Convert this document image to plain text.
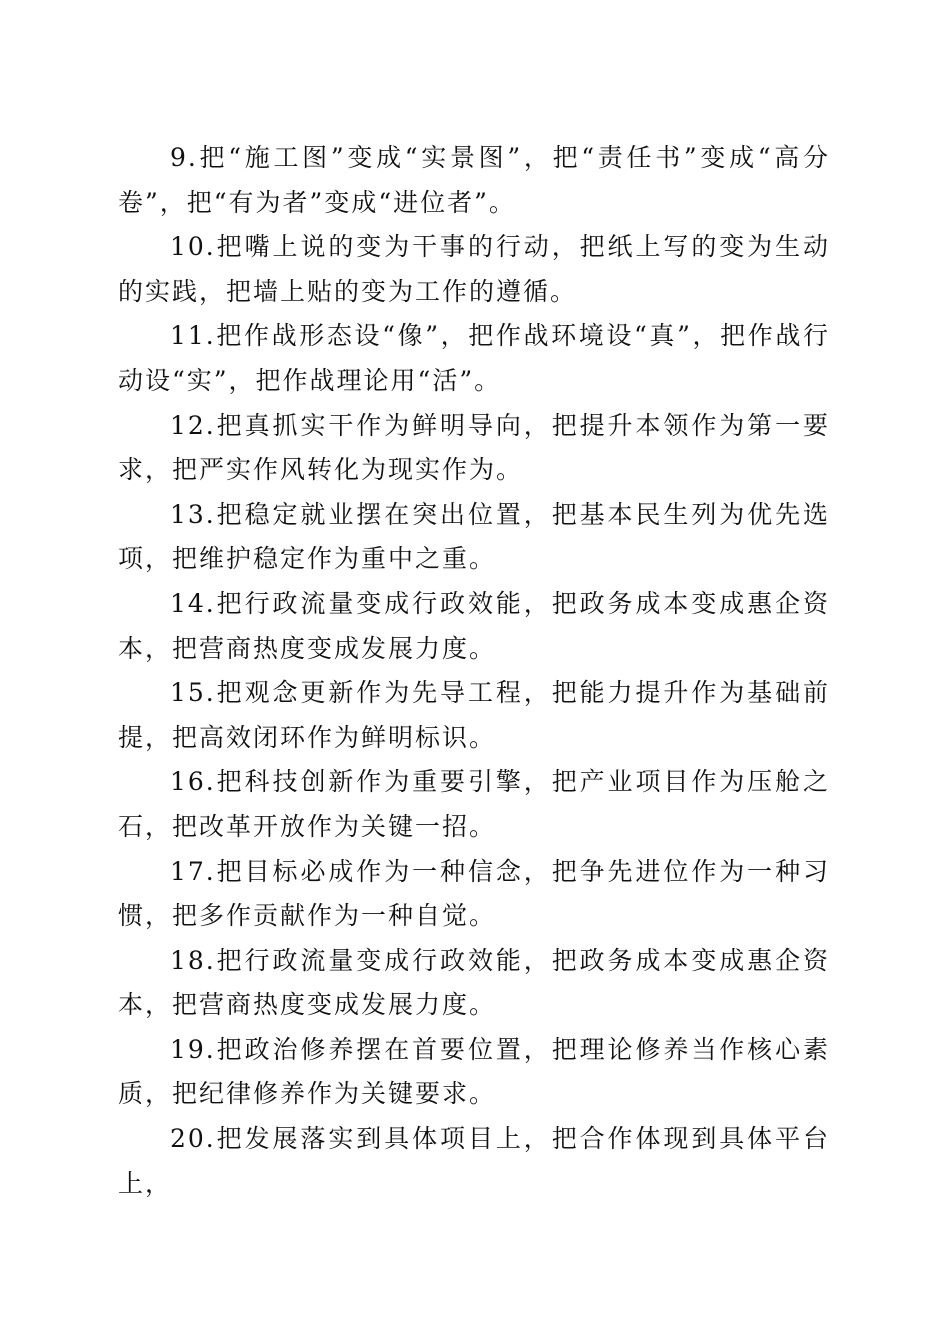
9.把“施工图”变成“实景图”，把“责任书”变成“高分卷”，把“有为者”变成“进位者”。

10.把嘴上说的变为干事的行动，把纸上写的变为生动的实践，把墙上贴的变为工作的遵循。

11.把作战形态设“像”，把作战环境设“真”，把作战行动设“实”，把作战理论用“活”。

12.把真抓实干作为鲜明导向，把提升本领作为第一要求，把严实作风转化为现实作为。

13.把稳定就业摆在突出位置，把基本民生列为优先选项，把维护稳定作为重中之重。

14.把行政流量变成行政效能，把政务成本变成惠企资本，把营商热度变成发展力度。

15.把观念更新作为先导工程，把能力提升作为基础前提，把高效闭环作为鲜明标识。

16.把科技创新作为重要引擎，把产业项目作为压舱之石，把改革开放作为关键一招。

17.把目标必成作为一种信念，把争先进位作为一种习惯，把多作贡献作为一种自觉。

18.把行政流量变成行政效能，把政务成本变成惠企资本，把营商热度变成发展力度。

19.把政治修养摆在首要位置，把理论修养当作核心素质，把纪律修养作为关键要求。

20.把发展落实到具体项目上，把合作体现到具体平台上，
